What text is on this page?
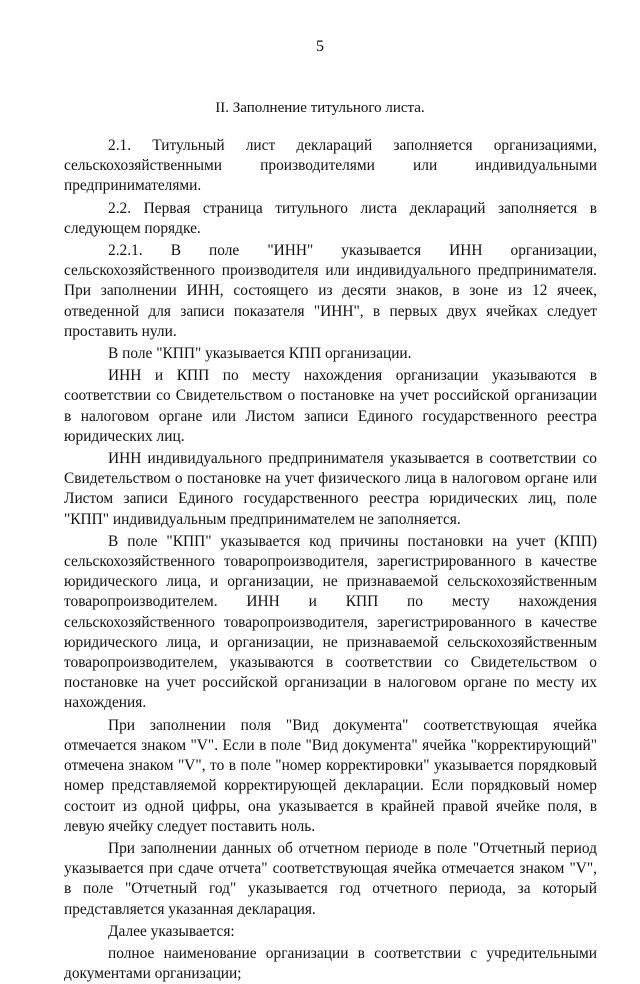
5
II. Заполнение титульного листа.

2.1. Титульный лист деклараций заполняется организациями, сельскохозяйственными производителями или индивидуальными предпринимателями.

2.2. Первая страница титульного листа деклараций заполняется в следующем порядке.

2.2.1. В поле "ИНН" указывается ИНН организации, сельскохозяйственного производителя или индивидуального предпринимателя. При заполнении ИНН, состоящего из десяти знаков, в зоне из 12 ячеек, отведенной для записи показателя "ИНН", в первых двух ячейках следует проставить нули.

В поле "КПП" указывается КПП организации.

ИНН и КПП по месту нахождения организации указываются в соответствии со Свидетельством о постановке на учет российской организации в налоговом органе или Листом записи Единого государственного реестра юридических лиц.

ИНН индивидуального предпринимателя указывается в соответствии со Свидетельством о постановке на учет физического лица в налоговом органе или Листом записи Единого государственного реестра юридических лиц, поле "КПП" индивидуальным предпринимателем не заполняется.

В поле "КПП" указывается код причины постановки на учет (КПП) сельскохозяйственного товаропроизводителя, зарегистрированного в качестве юридического лица, и организации, не признаваемой сельскохозяйственным товаропроизводителем. ИНН и КПП по месту нахождения сельскохозяйственного товаропроизводителя, зарегистрированного в качестве юридического лица, и организации, не признаваемой сельскохозяйственным товаропроизводителем, указываются в соответствии со Свидетельством о постановке на учет российской организации в налоговом органе по месту их нахождения.

При заполнении поля "Вид документа" соответствующая ячейка отмечается знаком "V". Если в поле "Вид документа" ячейка "корректирующий" отмечена знаком "V", то в поле "номер корректировки" указывается порядковый номер представляемой корректирующей декларации. Если порядковый номер состоит из одной цифры, она указывается в крайней правой ячейке поля, в левую ячейку следует поставить ноль.

При заполнении данных об отчетном периоде в поле "Отчетный период указывается при сдаче отчета" соответствующая ячейка отмечается знаком "V", в поле "Отчетный год" указывается год отчетного периода, за который представляется указанная декларация.

Далее указывается:

полное наименование организации в соответствии с учредительными документами организации;
